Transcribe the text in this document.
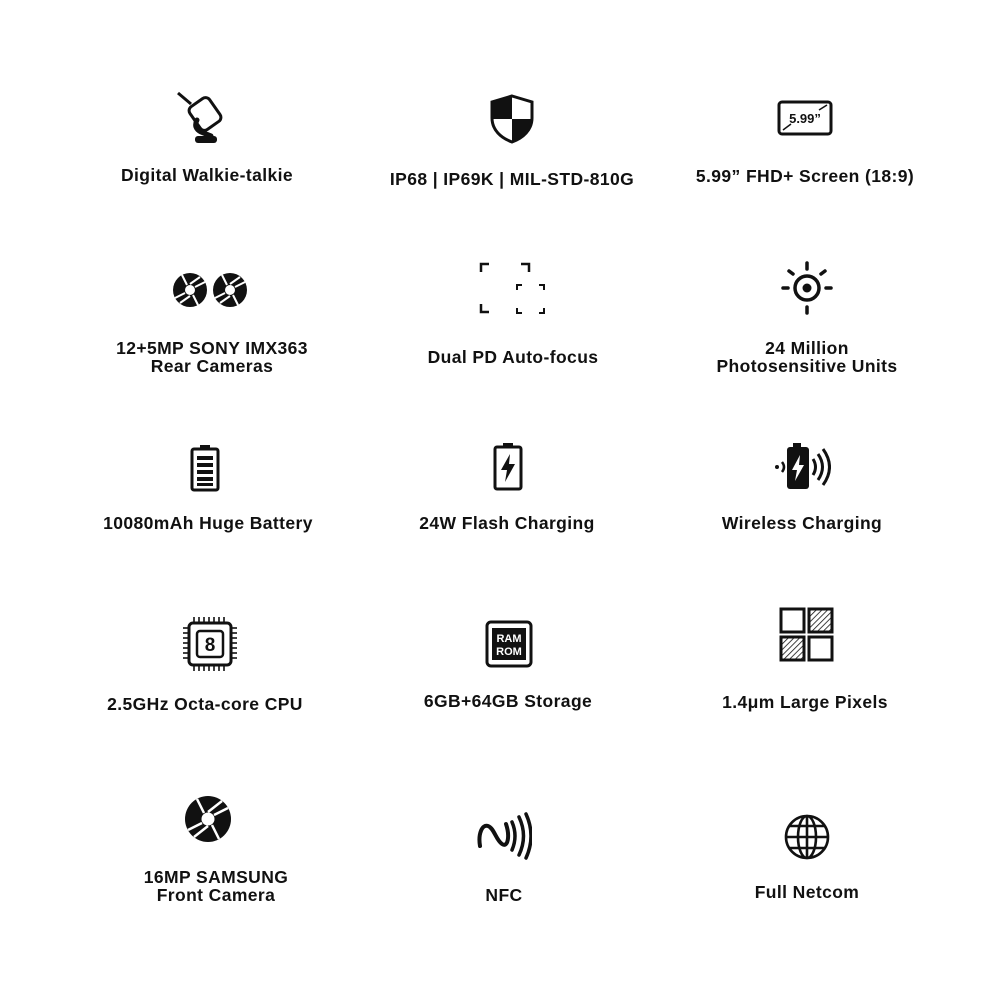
Digital Walkie-talkie	IP68 | IP69K | MIL-STD-810G
5.99”
5.99” FHD+ Screen (18:9)
12+5MP SONY IMX363
Rear Cameras	Dual PD Auto-focus	24 Million
Photosensitive Units
10080mAh Huge Battery	24W Flash Charging	Wireless Charging
8
2.5GHz Octa-core CPU
RAM
ROM
6GB+64GB Storage	1.4μm Large Pixels
16MP SAMSUNG
Front Camera	NFC	Full Netcom
